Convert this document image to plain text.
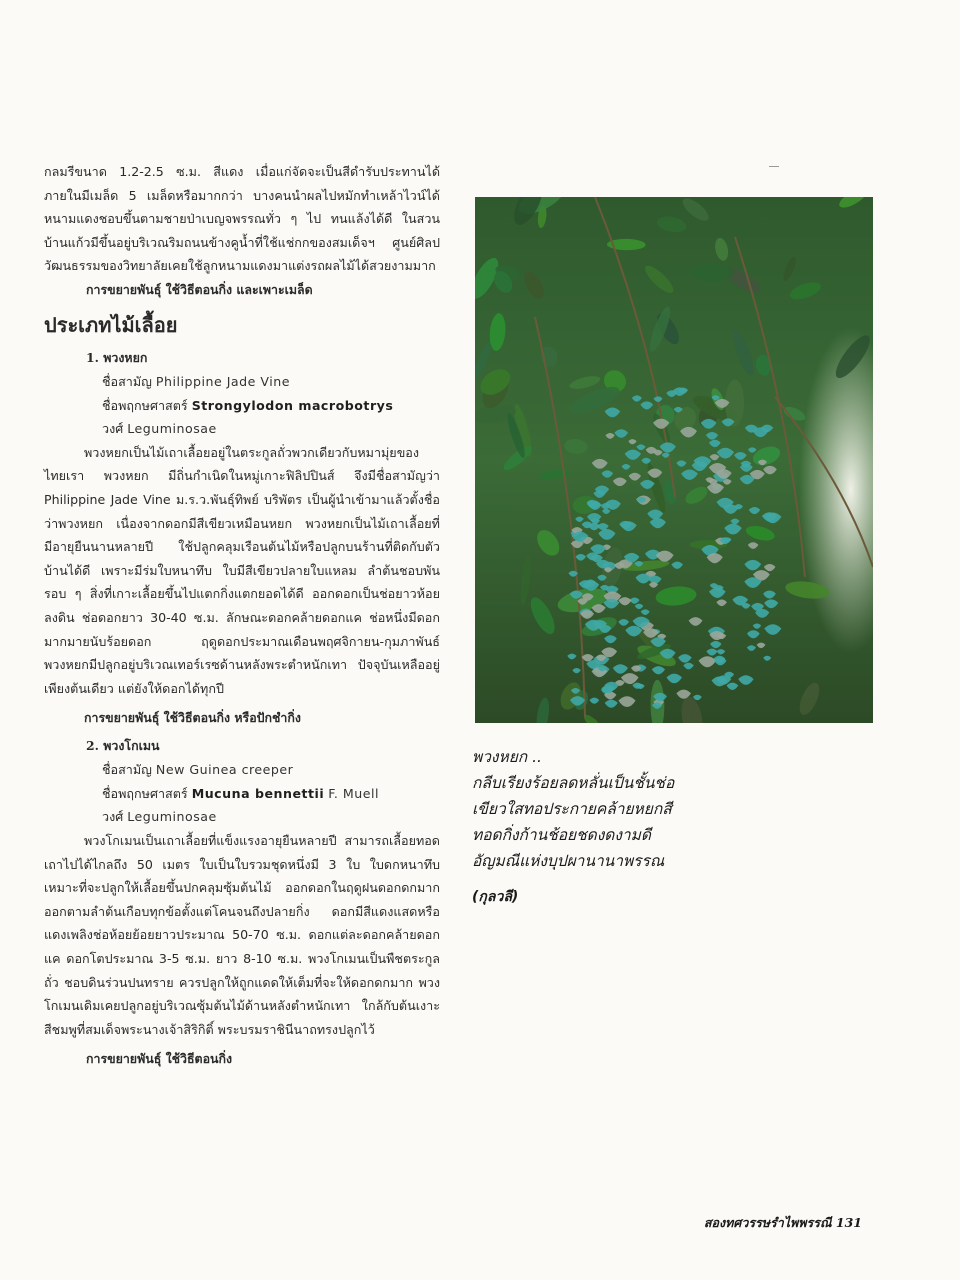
กลมรีขนาด 1.2-2.5 ซ.ม. สีแดง เมื่อแก่จัดจะเป็นสีดำรับประทานได้ ภายในมีเมล็ด 5 เมล็ดหรือมากกว่า บางคนนำผลไปหมักทำเหล้าไวน์ได้ หนามแดงชอบขึ้นตามชายป่าเบญจพรรณทั่ว ๆ ไป ทนแล้งได้ดี ในสวนบ้านแก้วมีขึ้นอยู่บริเวณริมถนนข้างคูน้ำที่ใช้แช่กกของสมเด็จฯ ศูนย์ศิลปวัฒนธรรมของวิทยาลัยเคยใช้ลูกหนามแดงมาแต่งรถผลไม้ได้สวยงามมาก

การขยายพันธุ์ ใช้วิธีตอนกิ่ง และเพาะเมล็ด

ประเภทไม้เลื้อย
1. พวงหยก
ชื่อสามัญ Philippine Jade Vine
ชื่อพฤกษศาสตร์ Strongylodon macrobotrys
วงศ์ Leguminosae

พวงหยกเป็นไม้เถาเลื้อยอยู่ในตระกูลถั่วพวกเดียวกับหมามุ่ยของไทยเรา พวงหยก มีถิ่นกำเนิดในหมู่เกาะฟิลิปปินส์ จึงมีชื่อสามัญว่า Philippine Jade Vine ม.ร.ว.พันธุ์ทิพย์ บริพัตร เป็นผู้นำเข้ามาแล้วตั้งชื่อว่าพวงหยก เนื่องจากดอกมีสีเขียวเหมือนหยก พวงหยกเป็นไม้เถาเลื้อยที่มีอายุยืนนานหลายปี ใช้ปลูกคลุมเรือนต้นไม้หรือปลูกบนร้านที่ติดกับตัวบ้านได้ดี เพราะมีร่มใบหนาทึบ ใบมีสีเขียวปลายใบแหลม ลำต้นชอบพันรอบ ๆ สิ่งที่เกาะเลื้อยขึ้นไปแตกกิ่งแตกยอดได้ดี ออกดอกเป็นช่อยาวห้อยลงดิน ช่อดอกยาว 30-40 ซ.ม. ลักษณะดอกคล้ายดอกแค ช่อหนึ่งมีดอกมากมายนับร้อยดอก ฤดูดอกประมาณเดือนพฤศจิกายน-กุมภาพันธ์ พวงหยกมีปลูกอยู่บริเวณเทอร์เรซด้านหลังพระตำหนักเทา ปัจจุบันเหลืออยู่เพียงต้นเดียว แต่ยังให้ดอกได้ทุกปี

การขยายพันธุ์ ใช้วิธีตอนกิ่ง หรือปักชำกิ่ง

2. พวงโกเมน
ชื่อสามัญ New Guinea creeper
ชื่อพฤกษศาสตร์ Mucuna bennettii F. Muell
วงศ์ Leguminosae

พวงโกเมนเป็นเถาเลื้อยที่แข็งแรงอายุยืนหลายปี สามารถเลื้อยทอดเถาไปได้ไกลถึง 50 เมตร ใบเป็นใบรวมชุดหนึ่งมี 3 ใบ ใบดกหนาทึบ เหมาะที่จะปลูกให้เลื้อยขึ้นปกคลุมซุ้มต้นไม้ ออกดอกในฤดูฝนดอกดกมาก ออกตามลำต้นเกือบทุกข้อตั้งแต่โคนจนถึงปลายกิ่ง ดอกมีสีแดงแสดหรือแดงเพลิงช่อห้อยย้อยยาวประมาณ 50-70 ซ.ม. ดอกแต่ละดอกคล้ายดอกแค ดอกโตประมาณ 3-5 ซ.ม. ยาว 8-10 ซ.ม. พวงโกเมนเป็นพืชตระกูลถั่ว ชอบดินร่วนปนทราย ควรปลูกให้ถูกแดดให้เต็มที่จะให้ดอกดกมาก พวงโกเมนเดิมเคยปลูกอยู่บริเวณซุ้มต้นไม้ด้านหลังตำหนักเทา ใกล้กับต้นเงาะสีชมพูที่สมเด็จพระนางเจ้าสิริกิติ์ พระบรมราชินีนาถทรงปลูกไว้

การขยายพันธุ์ ใช้วิธีตอนกิ่ง

พวงหยก ..
กลีบเรียงร้อยลดหลั่นเป็นชั้นช่อ
เขียวใสทอประกายคล้ายหยกสี
ทอดกิ่งก้านช้อยชดงดงามดี
อัญมณีแห่งบุปผานานาพรรณ
(กุลวลี)
สองทศวรรษรำไพพรรณี 131
